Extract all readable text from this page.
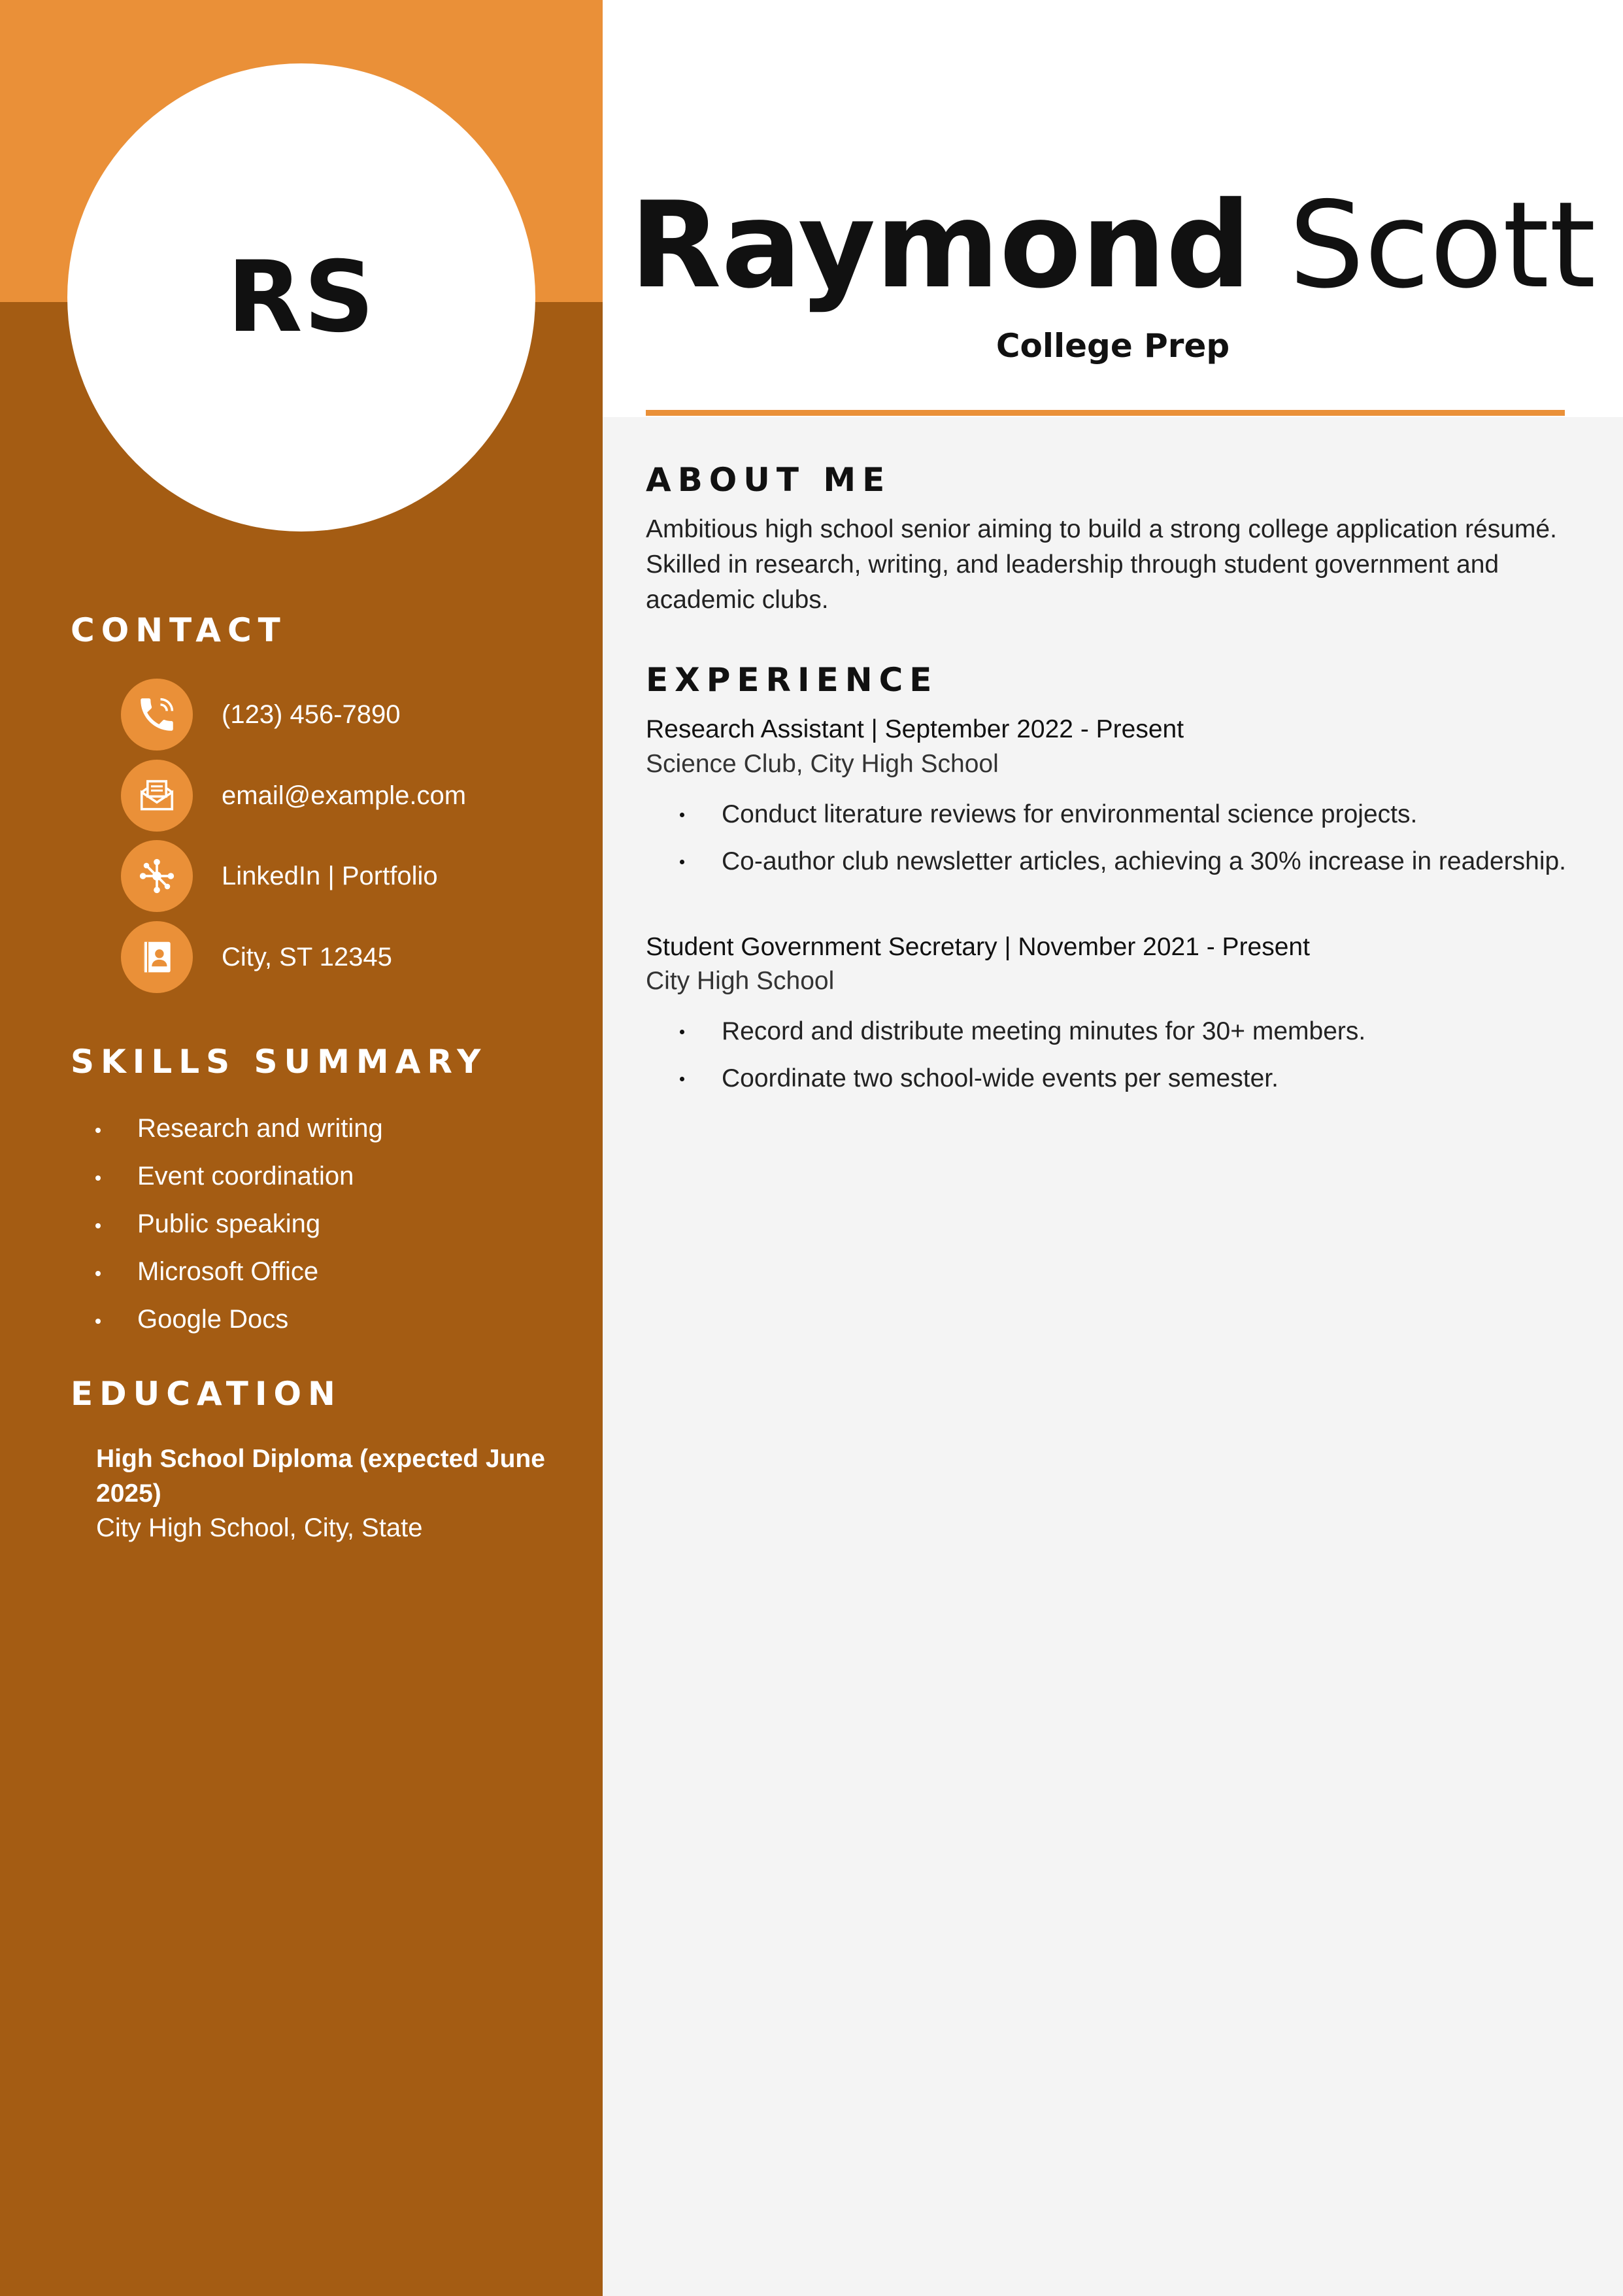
RS
CONTACT
(123) 456-7890
email@example.com
LinkedIn | Portfolio
City, ST 12345
SKILLS SUMMARY
Research and writing
Event coordination
Public speaking
Microsoft Office
Google Docs
EDUCATION
High School Diploma (expected June 2025)
City High School, City, State
Raymond Scott
College Prep
ABOUT ME

Ambitious high school senior aiming to build a strong college application résumé. Skilled in research, writing, and leadership through student government and academic clubs.

EXPERIENCE
Research Assistant | September 2022 - Present
Science Club, City High School
Conduct literature reviews for environmental science projects.
Co-author club newsletter articles, achieving a 30% increase in readership.
Student Government Secretary | November 2021 - Present
City High School
Record and distribute meeting minutes for 30+ members.
Coordinate two school-wide events per semester.
